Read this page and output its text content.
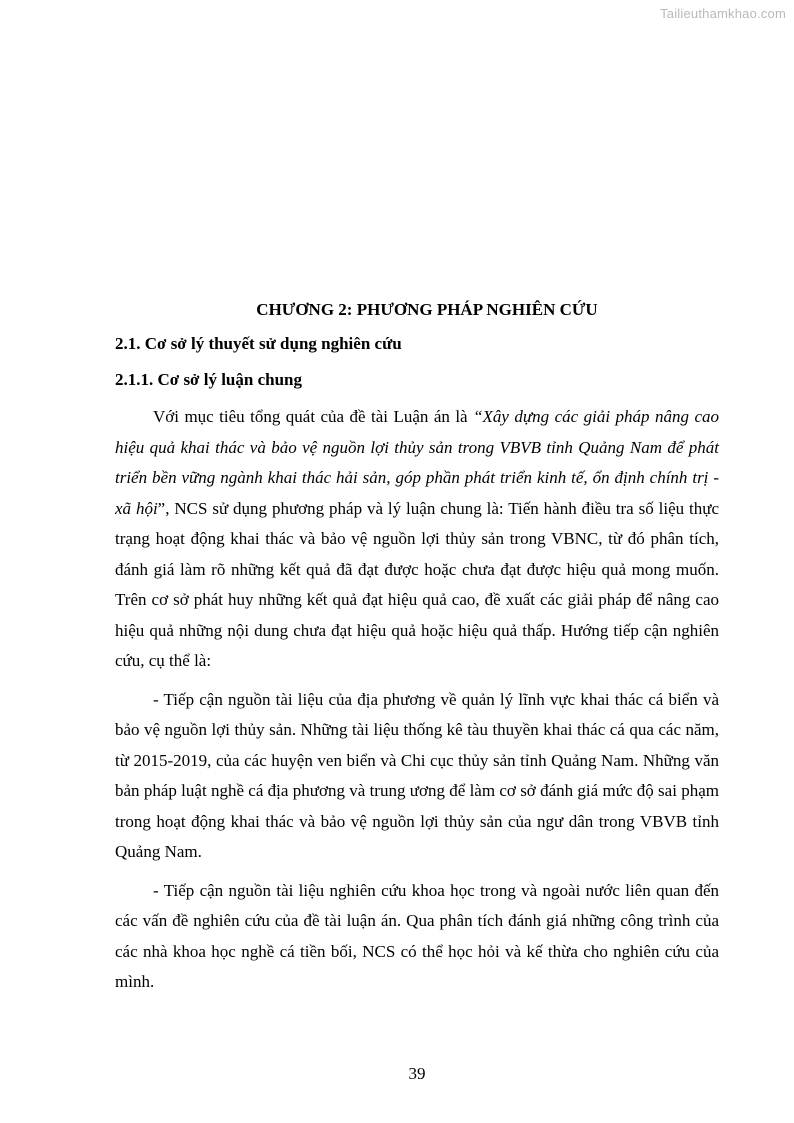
Tailieuthamkhao.com
CHƯƠNG 2: PHƯƠNG PHÁP NGHIÊN CỨU
2.1. Cơ sở lý thuyết sử dụng nghiên cứu
2.1.1. Cơ sở lý luận chung

Với mục tiêu tổng quát của đề tài Luận án là “Xây dựng các giải pháp nâng cao hiệu quả khai thác và bảo vệ nguồn lợi thủy sản trong VBVB tỉnh Quảng Nam để phát triển bền vững ngành khai thác hải sản, góp phần phát triển kinh tế, ổn định chính trị - xã hội”, NCS sử dụng phương pháp và lý luận chung là: Tiến hành điều tra số liệu thực trạng hoạt động khai thác và bảo vệ nguồn lợi thủy sản trong VBNC, từ đó phân tích, đánh giá làm rõ những kết quả đã đạt được hoặc chưa đạt được hiệu quả mong muốn. Trên cơ sở phát huy những kết quả đạt hiệu quả cao, đề xuất các giải pháp để nâng cao hiệu quả những nội dung chưa đạt hiệu quả hoặc hiệu quả thấp. Hướng tiếp cận nghiên cứu, cụ thể là:

- Tiếp cận nguồn tài liệu của địa phương về quản lý lĩnh vực khai thác cá biển và bảo vệ nguồn lợi thủy sản. Những tài liệu thống kê tàu thuyền khai thác cá qua các năm, từ 2015-2019, của các huyện ven biển và Chi cục thủy sản tỉnh Quảng Nam. Những văn bản pháp luật nghề cá địa phương và trung ương để làm cơ sở đánh giá mức độ sai phạm trong hoạt động khai thác và bảo vệ nguồn lợi thủy sản của ngư dân trong VBVB tỉnh Quảng Nam.

- Tiếp cận nguồn tài liệu nghiên cứu khoa học trong và ngoài nước liên quan đến các vấn đề nghiên cứu của đề tài luận án. Qua phân tích đánh giá những công trình của các nhà khoa học nghề cá tiền bối, NCS có thể học hỏi và kế thừa cho nghiên cứu của mình.

39
